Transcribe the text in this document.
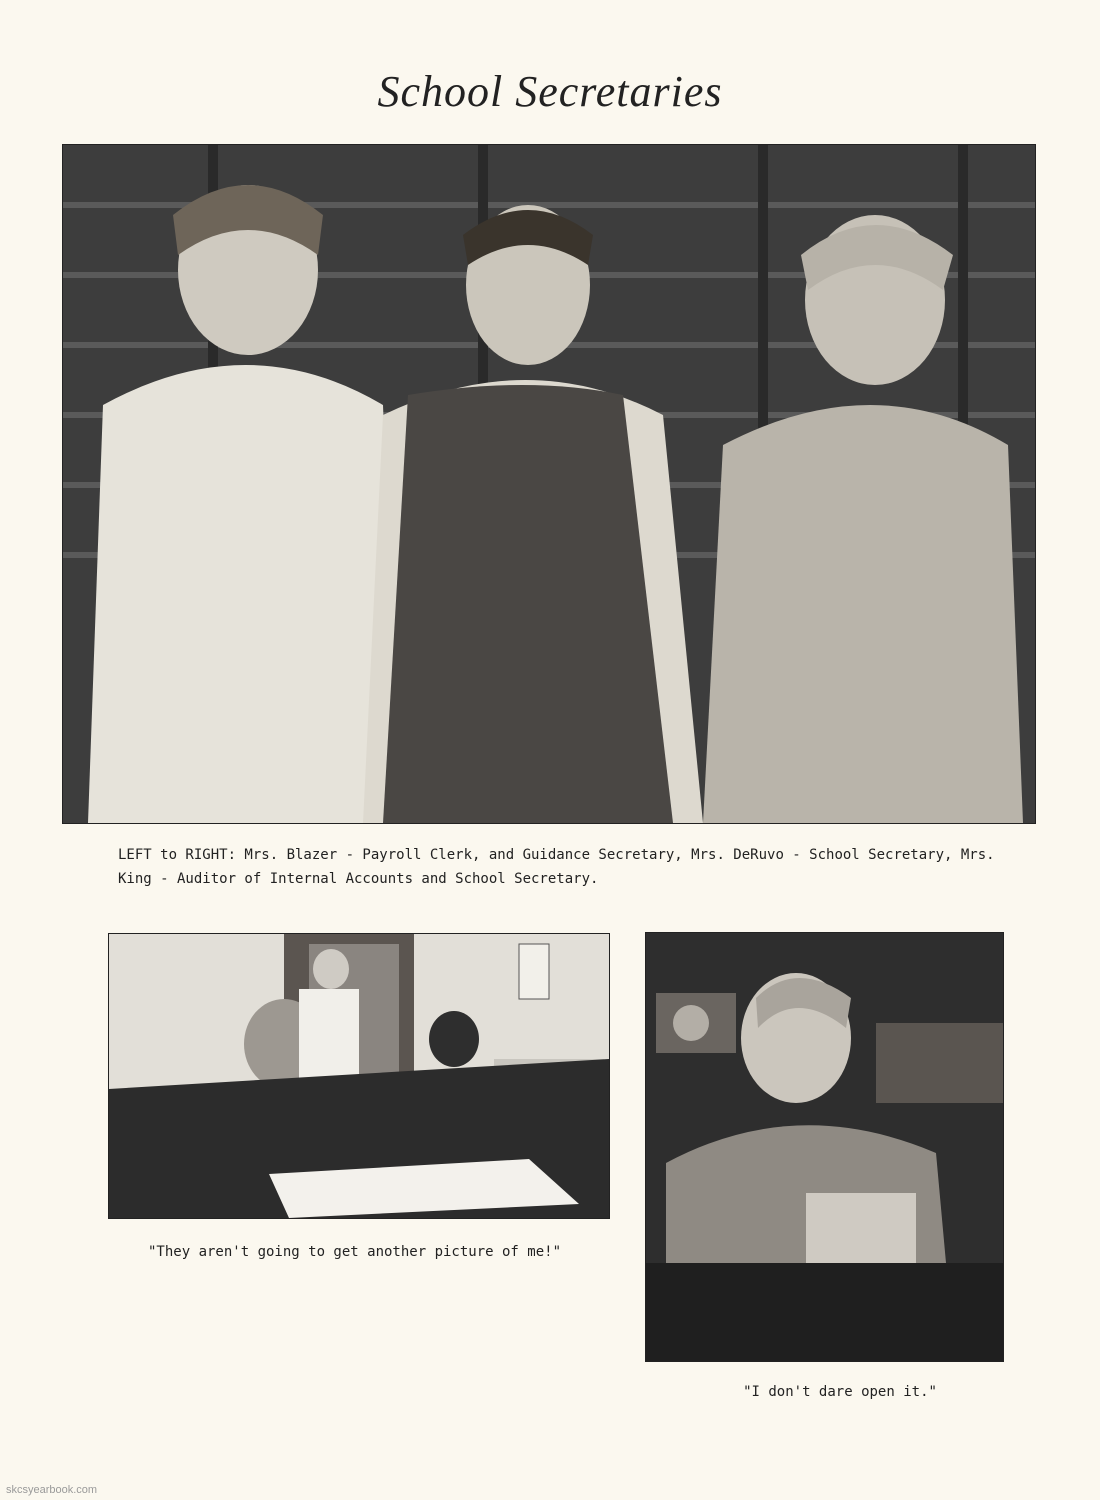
School Secretaries
LEFT to RIGHT: Mrs. Blazer - Payroll Clerk, and Guidance Secretary, Mrs. DeRuvo - School Secretary, Mrs. King - Auditor of Internal Accounts and School Secretary.
"They aren't going to get another picture of me!"
"I don't dare open it."
skcsyearbook.com
